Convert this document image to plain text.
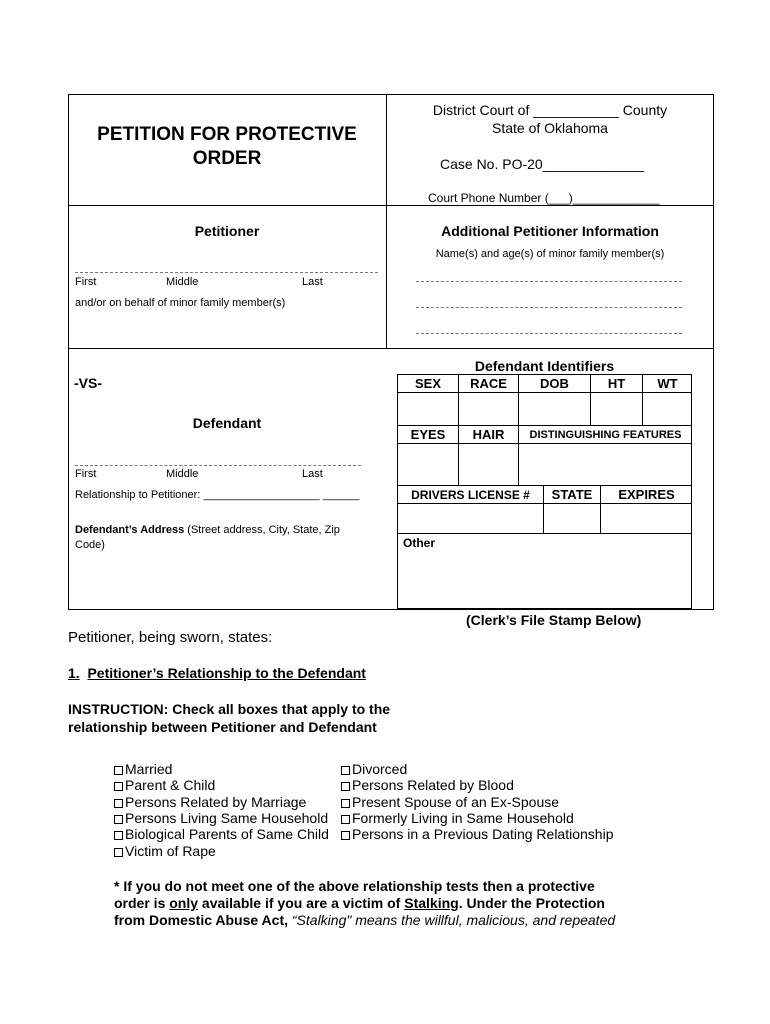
PETITION FOR PROTECTIVE
ORDER
District Court of ___________ County
State of Oklahoma
Case No. PO-20_____________
Court Phone Number (___)_____________
Petitioner
First	Middle	Last
and/or on behalf of minor family member(s)
Additional Petitioner Information
Name(s) and age(s) of minor family member(s)
-VS-
Defendant
First	Middle	Last
Relationship to Petitioner: ___________________ ______
Defendant’s Address (Street address, City, State, Zip
Code)
Defendant Identifiers
SEX	RACE	DOB	HT	WT
EYES	HAIR	DISTINGUISHING FEATURES
DRIVERS LICENSE #	STATE	EXPIRES
Other
(Clerk’s File Stamp Below)
Petitioner, being sworn, states:
1. Petitioner’s Relationship to the Defendant
INSTRUCTION: Check all boxes that apply to the
relationship between Petitioner and Defendant
Married
Parent & Child
Persons Related by Marriage
Persons Living Same Household
Biological Parents of Same Child
Victim of Rape
Divorced
Persons Related by Blood
Present Spouse of an Ex-Spouse
Formerly Living in Same Household
Persons in a Previous Dating Relationship
* If you do not meet one of the above relationship tests then a protective
order is only available if you are a victim of Stalking. Under the Protection
from Domestic Abuse Act, “Stalking" means the willful, malicious, and repeated
